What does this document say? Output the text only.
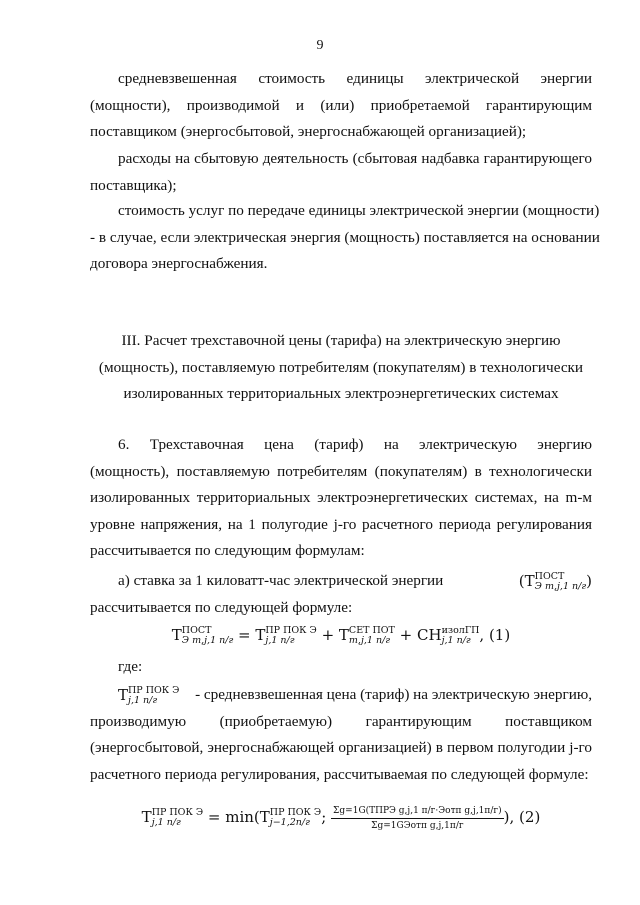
9
средневзвешенная стоимость единицы электрической энергии
(мощности), производимой и (или) приобретаемой гарантирующим
поставщиком (энергосбытовой, энергоснабжающей организацией);
расходы на сбытовую деятельность (сбытовая надбавка гарантирующего
поставщика);
стоимость услуг по передаче единицы электрической энергии (мощности)
- в случае, если электрическая энергия (мощность) поставляется на основании
договора энергоснабжения.
III. Расчет трехставочной цены (тарифа) на электрическую энергию
(мощность), поставляемую потребителям (покупателям) в технологически
изолированных территориальных электроэнергетических системах
6. Трехставочная цена (тариф) на электрическую энергию
(мощность), поставляемую потребителям (покупателям) в технологически
изолированных территориальных электроэнергетических системах, на m-м
уровне напряжения, на 1 полугодие j-го расчетного периода регулирования
рассчитывается по следующим формулам:
а) ставка за 1 киловатт-час электрической энергии	(Т ПОСТ
Э m,j,1 п/г )
рассчитывается по следующей формуле:
Т ПОСТ
Э m,j,1 п/г = Т ПР ПОК Э
j,1 п/г	+ Т СЕТ ПОТ
m,j,1 п/г + СН изолГП
j,1 п/г , (1)
где:
Т ПР ПОК Э
j,1 п/г	- средневзвешенная цена (тариф) на электрическую энергию,
производимую (приобретаемую) гарантирующим поставщиком
(энергосбытовой, энергоснабжающей организацией) в первом полугодии j-го
расчетного периода регулирования, рассчитываемая по следующей формуле:
Т ПР ПОК Э
j,1 п/г	= min(Т ПР ПОК Э
j−1,2п/г ; $\frac{\text{Σg=1G(ТПРЭ g,j,1 п/г·Эотп g,j,1п/г)}}{\text{Σg=1GЭотп g,j,1п/г}}$ ), (2)
